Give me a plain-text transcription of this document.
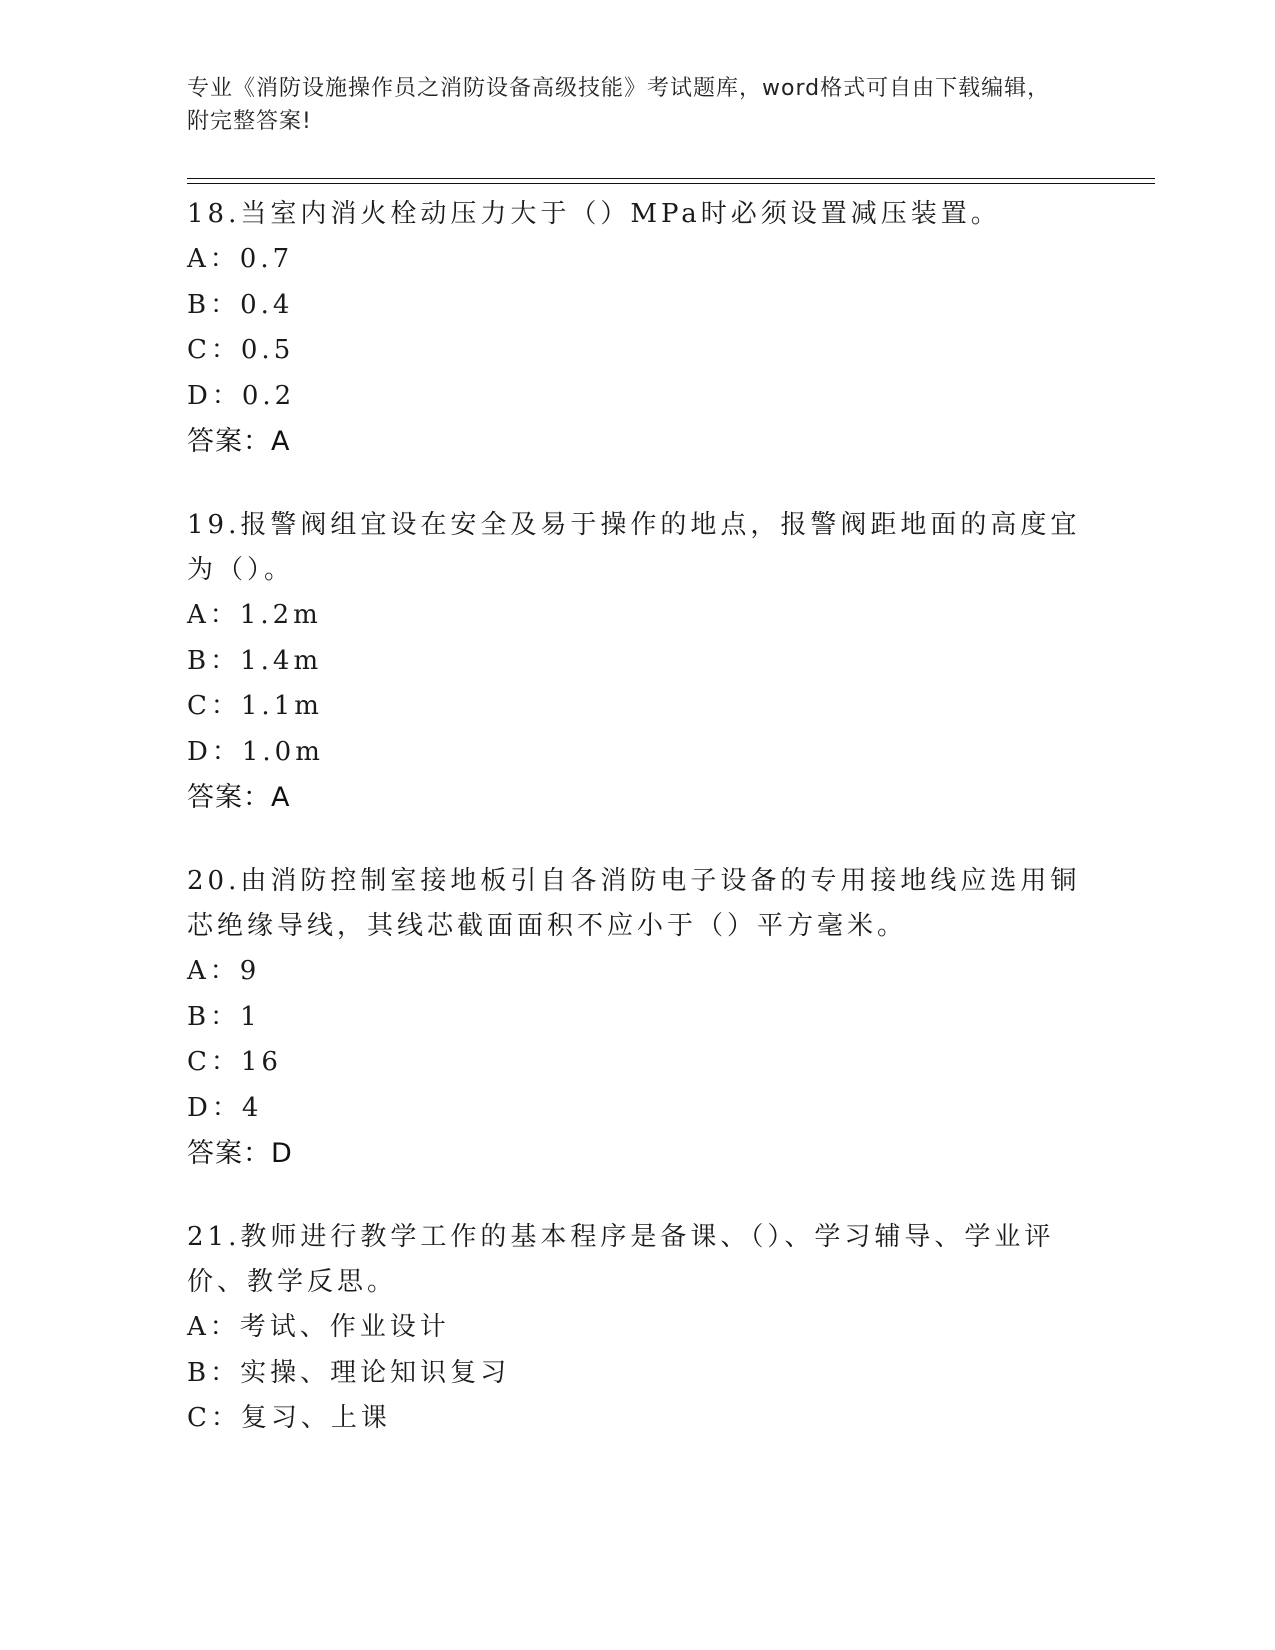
专业《消防设施操作员之消防设备高级技能》考试题库，word格式可自由下载编辑，附完整答案!
18.当室内消火栓动压力大于（）MPa时必须设置减压装置。
A：0.7
B：0.4
C：0.5
D：0.2
答案：A
19.报警阀组宜设在安全及易于操作的地点，报警阀距地面的高度宜为（）。
A：1.2m
B：1.4m
C：1.1m
D：1.0m
答案：A
20.由消防控制室接地板引自各消防电子设备的专用接地线应选用铜芯绝缘导线，其线芯截面面积不应小于（）平方毫米。
A：9
B：1
C：16
D：4
答案：D
21.教师进行教学工作的基本程序是备课、（）、学习辅导、学业评价、教学反思。
A：考试、作业设计
B：实操、理论知识复习
C：复习、上课
